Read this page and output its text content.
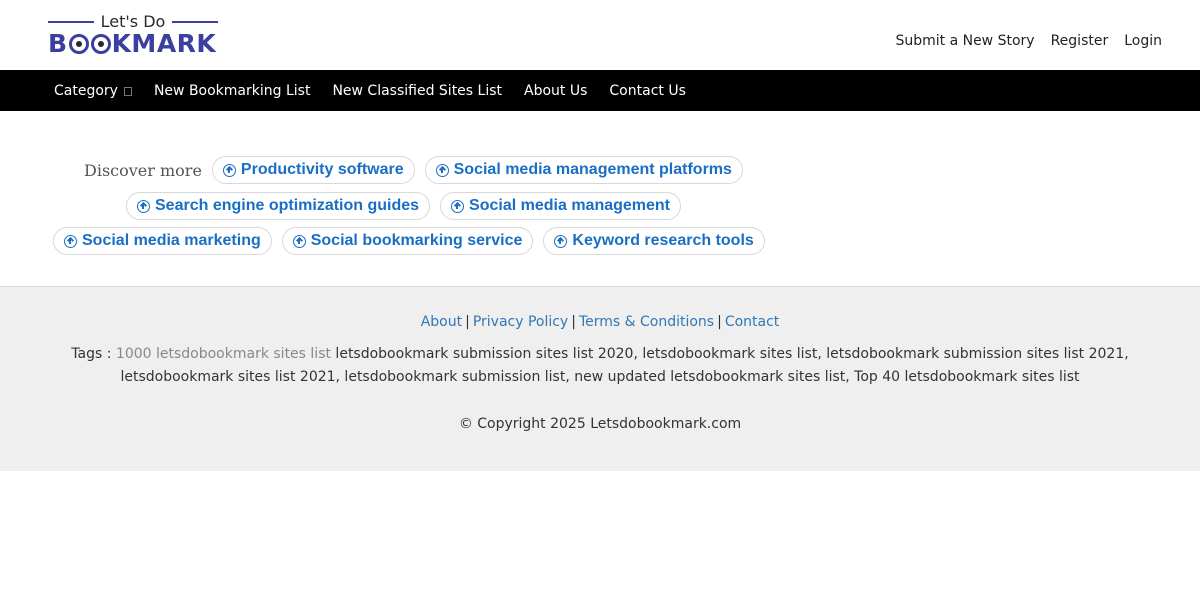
Let's Do
B KMARK	Submit a New Story Register Login
Category	New Bookmarking List New Classified Sites List About Us Contact Us
Discover more Productivity software	Social media management platforms
Search engine optimization guides	Social media management
Social media marketing	Social bookmarking service	Keyword research tools
About | Privacy Policy | Terms & Conditions | Contact
Tags : 1000 letsdobookmark sites list letsdobookmark submission sites list 2020, letsdobookmark sites list, letsdobookmark submission sites list 2021, letsdobookmark sites list 2021, letsdobookmark submission list, new updated letsdobookmark sites list, Top 40 letsdobookmark sites list
© Copyright 2025 Letsdobookmark.com
